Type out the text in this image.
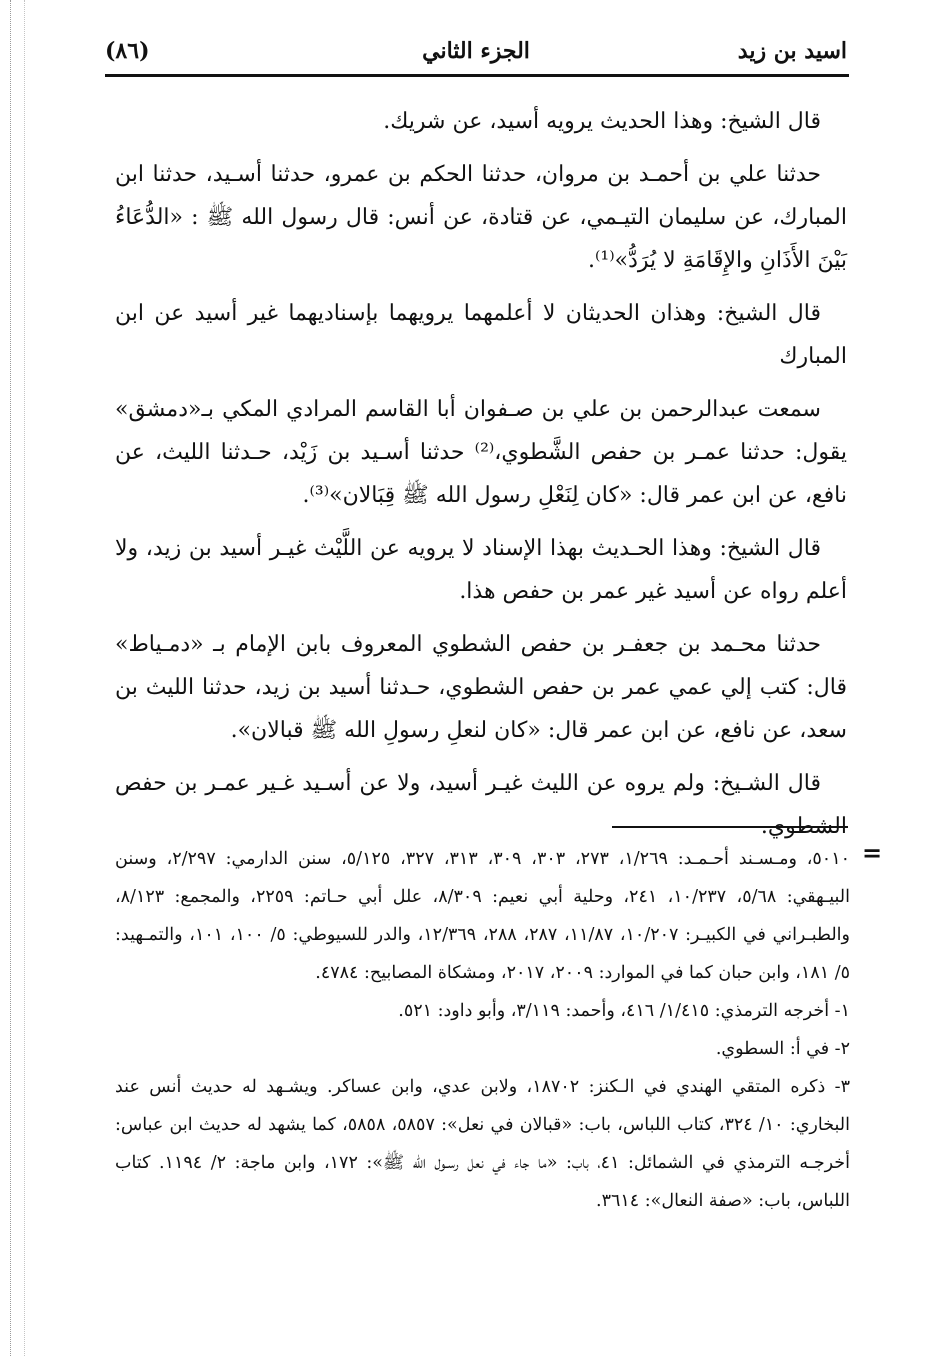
(٨٦)	الجزء الثاني	اسيد بن زيد

قال الشيخ: وهذا الحديث يرويه أسيد، عن شريك.

حدثنا علي بن أحمـد بن مروان، حدثنا الحكم بن عمرو، حدثنا أسـيد، حدثنا ابن المبارك، عن سليمان التيـمي، عن قتادة، عن أنس: قال رسول الله ﷺ : «الدُّعَاءُ بَيْنَ الأَذَانِ والإِقَامَةِ لا يُرَدُّ»⁽¹⁾.

قال الشيخ: وهذان الحديثان لا أعلمهما يرويهما بإسناديهما غير أسيد عن ابن المبارك

سمعت عبدالرحمن بن علي بن صـفوان أبا القاسم المرادي المكي بـ«دمشق» يقول: حدثنا عمـر بن حفص الشَّطوي،⁽²⁾ حدثنا أسـيد بن زَيْد، حـدثنا الليث، عن نافع، عن ابن عمر قال: «كان لِنَعْلِ رسول الله ﷺ قِبَالان»⁽³⁾.

قال الشيخ: وهذا الحـديث بهذا الإسناد لا يرويه عن اللَّيْث غيـر أسيد بن زيد، ولا أعلم رواه عن أسيد غير عمر بن حفص هذا.

حدثنا محـمد بن جعفـر بن حفص الشطوي المعروف بابن الإمام بـ «دمـياط» قال: كتب إلي عمي عمر بن حفص الشطوي، حـدثنا أسيد بن زيد، حدثنا الليث بن سعد، عن نافع، عن ابن عمر قال: «كان لنعلِ رسولِ الله ﷺ قبالان».

قال الشـيخ: ولم يروه عن الليث غيـر أسيد، ولا عن أسـيد غـير عمـر بن حفص الشطوي.

=

٥٠١٠، ومـسـند أحـمـد: ١/٢٦٩، ٢٧٣، ٣٠٣، ٣٠٩، ٣١٣، ٣٢٧، ٥/١٢٥، سنن الدارمي: ٢/٢٩٧، وسنن البيـهقي: ٥/٦٨، ١٠/٢٣٧، ٢٤١، وحلية أبي نعيم: ٨/٣٠٩، علل أبي حـاتم: ٢٢٥٩، والمجمع: ٨/١٢٣، والطبـراني في الكبيـر: ١٠/٢٠٧، ١١/٨٧، ٢٨٧، ٢٨٨، ١٢/٣٦٩، والدر للسيوطي: ٥/ ١٠٠، ١٠١، والتمـهيد: ٥/ ١٨١، وابن حبان كما في الموارد: ٢٠٠٩، ٢٠١٧، ومشكاة المصابيح: ٤٧٨٤.

١- أخرجه الترمذي: ١/٤١٥/ ٤١٦، وأحمد: ٣/١١٩، وأبو داود: ٥٢١.

٢- في أ: السطوي.

٣- ذكره المتقي الهندي في الـكنز: ١٨٧٠٢، ولابن عدي، وابن عساكر. ويشـهد له حديث أنس عند البخاري: ١٠/ ٣٢٤، كتاب اللباس، باب: «قبالان في نعل»: ٥٨٥٧، ٥٨٥٨، كما يشهد له حديث ابن عباس: أخرجـه الترمذي في الشمائل: ٤١، باب: «ما جاء في نعل رسـول الله ﷺ»: ١٧٢، وابن ماجة: ٢/ ١١٩٤. كتاب اللباس، باب: «صفة النعال»: ٣٦١٤.
